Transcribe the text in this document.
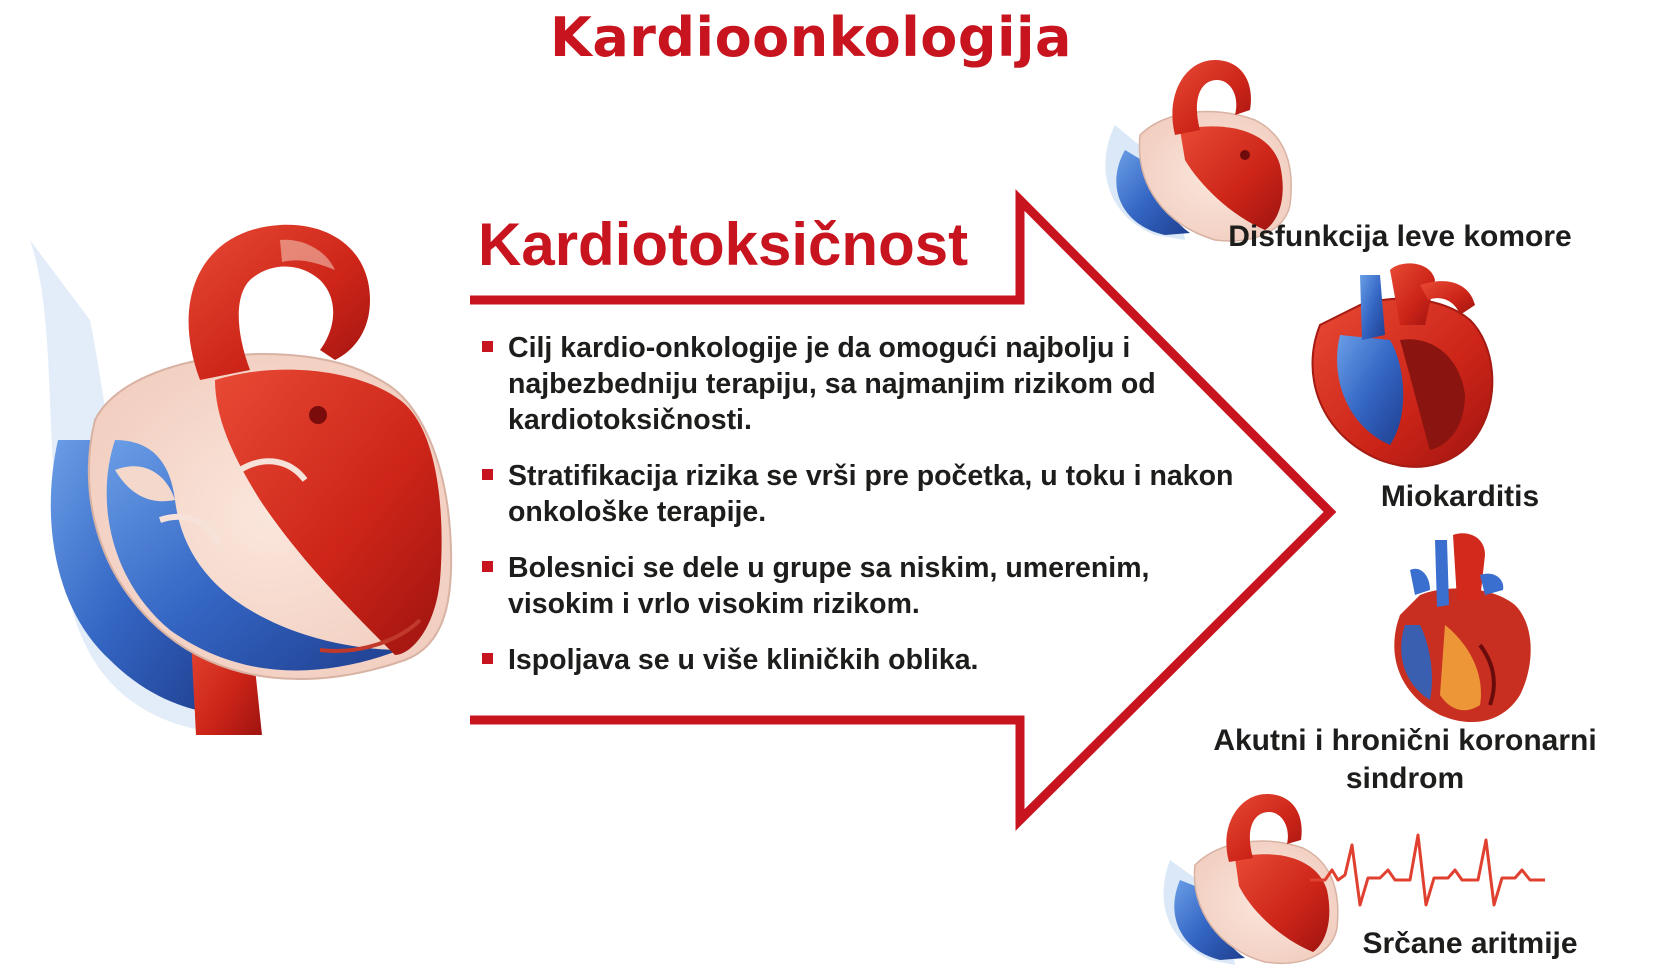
Kardioonkologija
Kardiotoksičnost
Cilj kardio-onkologije je da omogući najbolju i najbezbedniju terapiju, sa najmanjim rizikom od kardiotoksičnosti.
Stratifikacija rizika se vrši pre početka, u toku i nakon onkološke terapije.
Bolesnici se dele u grupe sa niskim, umerenim, visokim i vrlo visokim rizikom.
Ispoljava se u više kliničkih oblika.
Disfunkcija leve komore
Miokarditis
Akutni i hronični koronarni sindrom
Srčane aritmije
